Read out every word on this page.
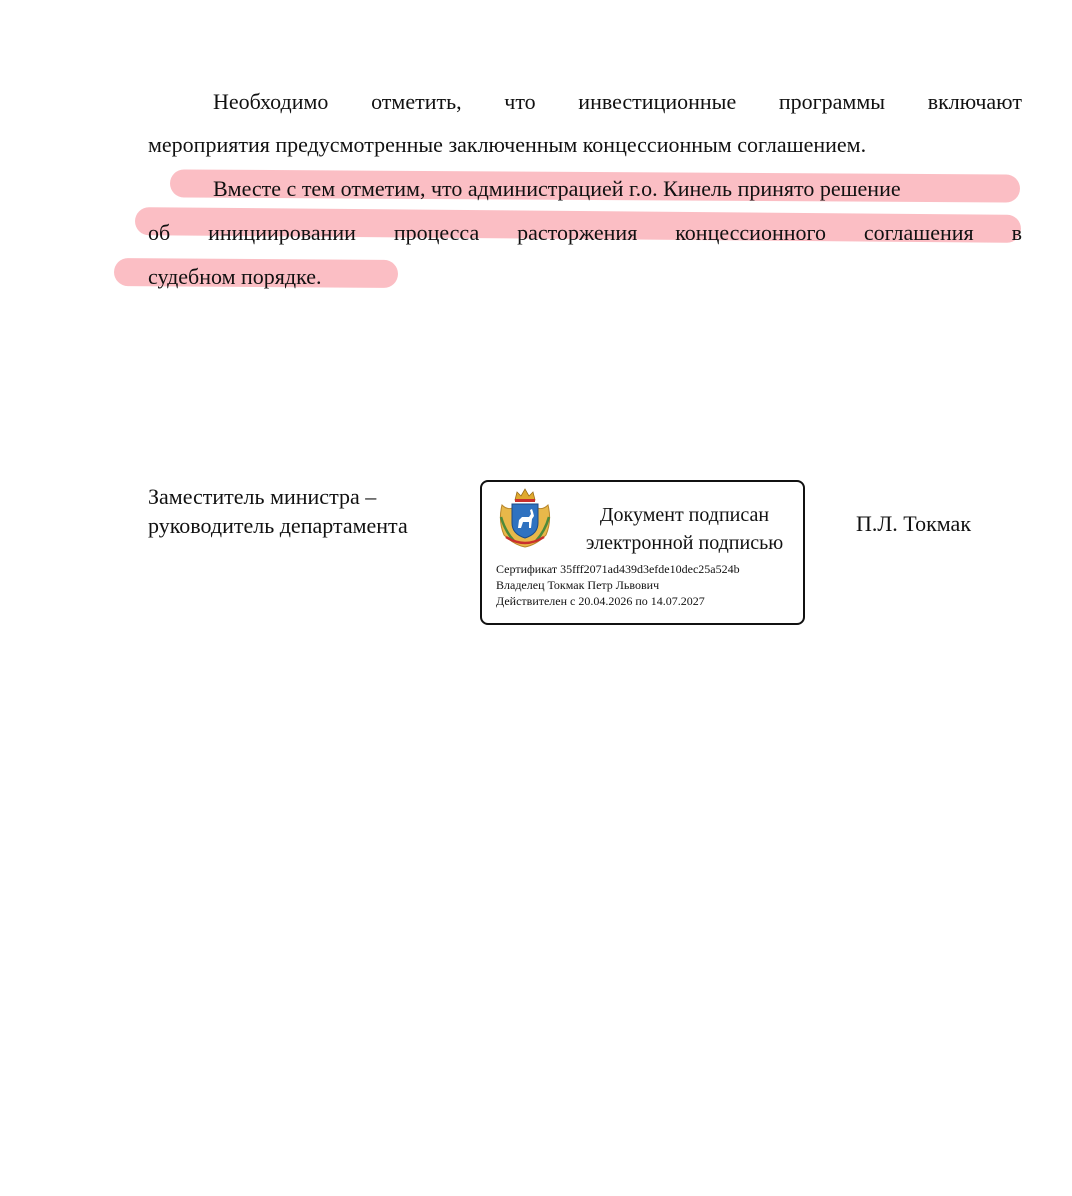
Необходимо отметить, что инвестиционные программы включают
мероприятия предусмотренные заключенным концессионным соглашением.
Вместе с тем отметим, что администрацией г.о. Кинель принято решение
об инициировании процесса расторжения концессионного соглашения в
судебном порядке.
Заместитель министра –
руководитель департамента	Документ подписан
электронной подписью
Сертификат 35fff2071ad439d3efde10dec25a524b
Владелец Токмак Петр Львович
Действителен с 20.04.2026 по 14.07.2027
П.Л. Токмак
